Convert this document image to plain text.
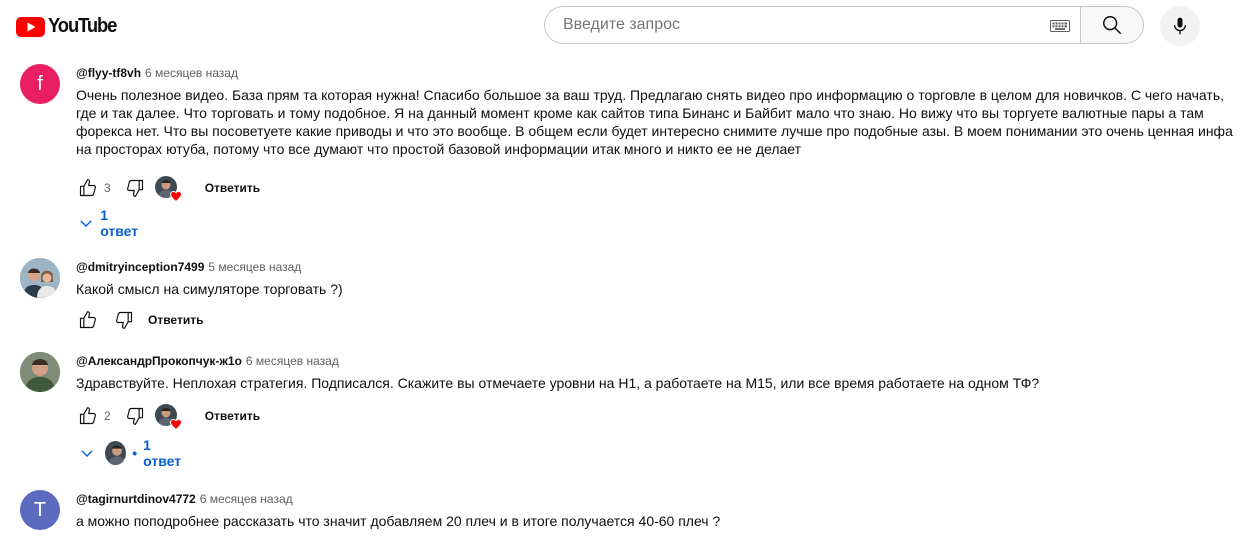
YouTube
Введите запрос
f	@flyy-tf8vh 6 месяцев назад
Очень полезное видео. База прям та которая нужна! Спасибо большое за ваш труд. Предлагаю снять видео про информацию о торговле в целом для новичков. С чего начать, где и так далее. Что торговать и тому подобное. Я на данный момент кроме как сайтов типа Бинанс и Байбит мало что знаю. Но вижу что вы торгуете валютные пары а там форекса нет. Что вы посоветуете какие приводы и что это вообще. В общем если будет интересно снимите лучше про подобные азы. В моем понимании это очень ценная инфа на просторах ютуба, потому что все думают что простой базовой информации итак много и никто ее не делает
3	Ответить
1 ответ
@dmitryinception7499 5 месяцев назад
Какой смысл на симуляторе торговать ?)
Ответить
@АлександрПрокопчук-ж1о 6 месяцев назад
Здравствуйте. Неплохая стратегия. Подписался. Скажите вы отмечаете уровни на Н1, а работаете на М15, или все время работаете на одном ТФ?
2	Ответить
• 1 ответ
T @tagirnurtdinov4772 6 месяцев назад
а можно поподробнее рассказать что значит добавляем 20 плеч и в итоге получается 40-60 плеч ?
